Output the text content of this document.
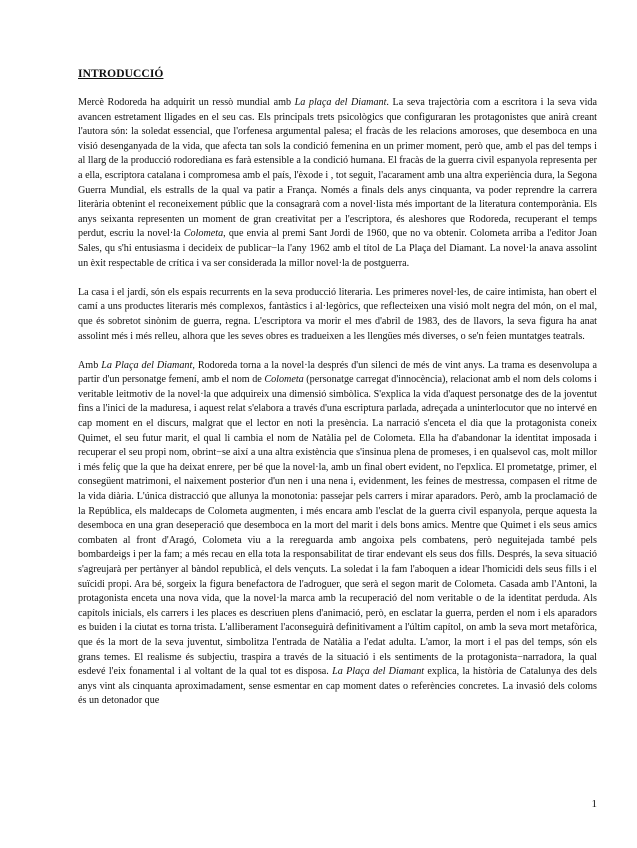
INTRODUCCIÓ

Mercè Rodoreda ha adquirit un ressò mundial amb La plaça del Diamant. La seva trajectòria com a escritora i la seva vida avancen estretament lligades en el seu cas. Els principals trets psicològics que configuraran les protagonistes que anirà creant l'autora són: la soledat essencial, que l'orfenesa argumental palesa; el fracàs de les relacions amoroses, que desemboca en una visió desenganyada de la vida, que afecta tan sols la condició femenina en un primer moment, però que, amb el pas del temps i al llarg de la producció rodorediana es farà estensible a la condició humana. El fracàs de la guerra civil espanyola representa per a ella, escriptora catalana i compromesa amb el país, l'èxode i , tot seguit, l'acarament amb una altra experiència dura, la Segona Guerra Mundial, els estralls de la qual va patir a França. Només a finals dels anys cinquanta, va poder reprendre la carrera literària obtenint el reconeixement públic que la consagrarà com a novel·lista més important de la literatura contemporània. Els anys seixanta representen un moment de gran creativitat per a l'escriptora, és aleshores que Rodoreda, recuperant el temps perdut, escriu la novel·la Colometa, que envia al premi Sant Jordi de 1960, que no va obtenir. Colometa arriba a l'editor Joan Sales, qu s'hi entusiasma i decideix de publicar−la l'any 1962 amb el títol de La Plaça del Diamant. La novel·la anava assolint un èxit respectable de crítica i va ser considerada la millor novel·la de postguerra.

La casa i el jardí, són els espais recurrents en la seva producció literaria. Les primeres novel·les, de caire intimista, han obert el camí a uns productes literaris més complexos, fantàstics i al·legòrics, que reflecteixen una visió molt negra del món, on el mal, que és sobretot sinònim de guerra, regna. L'escriptora va morir el mes d'abril de 1983, des de llavors, la seva figura ha anat assolint més i més relleu, alhora que les seves obres es tradueixen a les llengües més diverses, o se'n feien muntatges teatrals.

Amb La Plaça del Diamant, Rodoreda torna a la novel·la després d'un silenci de més de vint anys. La trama es desenvolupa a partir d'un personatge femení, amb el nom de Colometa (personatge carregat d'innocència), relacionat amb el nom dels coloms i veritable leitmotiv de la novel·la que adquireix una dimensió simbòlica. S'explica la vida d'aquest personatge des de la joventut fins a l'inici de la maduresa, i aquest relat s'elabora a través d'una escriptura parlada, adreçada a uninterlocutor que no intervé en cap moment en el discurs, malgrat que el lector en noti la presència. La narració s'enceta el dia que la protagonista coneix Quimet, el seu futur marit, el qual li cambia el nom de Natàlia pel de Colometa. Ella ha d'abandonar la identitat imposada i recuperar el seu propi nom, obrint−se així a una altra existència que s'insinua plena de promeses, i en qualsevol cas, molt millor i més feliç que la que ha deixat enrere, per bé que la novel·la, amb un final obert evident, no l'epxlica. El prometatge, primer, el consegüent matrimoni, el naixement posterior d'un nen i una nena i, evidenment, les feines de mestressa, compasen el ritme de la vida diària. L'única distracció que allunya la monotonia: passejar pels carrers i mirar aparadors. Però, amb la proclamació de la República, els maldecaps de Colometa augmenten, i més encara amb l'esclat de la guerra civil espanyola, perque aquesta la desemboca en una gran deseperació que desemboca en la mort del marit i dels bons amics. Mentre que Quimet i els seus amics combaten al front d'Aragó, Colometa viu a la rereguarda amb angoixa pels combatens, però neguitejada també pels bombardeigs i per la fam; a més recau en ella tota la responsabilitat de tirar endevant els seus dos fills. Després, la seva situació s'agreujarà per pertànyer al bàndol republicà, el dels vençuts. La soledat i la fam l'aboquen a idear l'homicidi dels seus fills i el suïcidi propi. Ara bé, sorgeix la figura benefactora de l'adroguer, que serà el segon marit de Colometa. Casada amb l'Antoni, la protagonista enceta una nova vida, que la novel·la marca amb la recuperació del nom veritable o de la identitat perduda. Als capítols inicials, els carrers i les places es descriuen plens d'animació, però, en esclatar la guerra, perden el nom i els aparadors es buiden i la ciutat es torna trista. L'alliberament l'aconseguirà definitivament a l'últim capítol, on amb la seva mort metafòrica, que és la mort de la seva juventut, simbolitza l'entrada de Natàlia a l'edat adulta. L'amor, la mort i el pas del temps, són els grans temes. El realisme és subjectiu, traspira a través de la situació i els sentiments de la protagonista−narradora, la qual esdevé l'eix fonamental i al voltant de la qual tot es disposa. La Plaça del Diamant explica, la història de Catalunya des dels anys vint als cinquanta aproximadament, sense esmentar en cap moment dates o referències concretes. La invasió dels coloms és un detonador que

1
